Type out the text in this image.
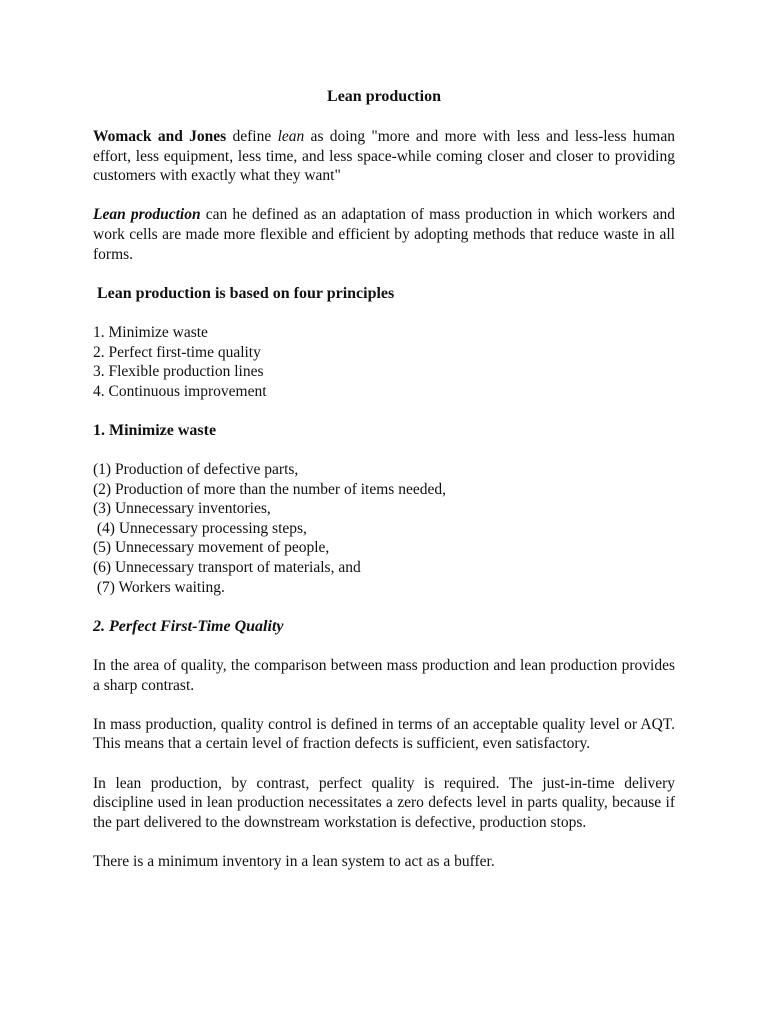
Lean production

Womack and Jones define lean as doing "more and more with less and less-less human effort, less equipment, less time, and less space-while coming closer and closer to providing customers with exactly what they want"

Lean production can he defined as an adaptation of mass production in which workers and work cells are made more flexible and efficient by adopting methods that reduce waste in all forms.

Lean production is based on four principles
1. Minimize waste
2. Perfect first-time quality
3. Flexible production lines
4. Continuous improvement
1. Minimize waste
(1) Production of defective parts,
(2) Production of more than the number of items needed,
(3) Unnecessary inventories,
(4) Unnecessary processing steps,
(5) Unnecessary movement of people,
(6) Unnecessary transport of materials, and
(7) Workers waiting.
2. Perfect First-Time Quality

In the area of quality, the comparison between mass production and lean production provides a sharp contrast.

In mass production, quality control is defined in terms of an acceptable quality level or AQT. This means that a certain level of fraction defects is sufficient, even satisfactory.

In lean production, by contrast, perfect quality is required. The just-in-time delivery discipline used in lean production necessitates a zero defects level in parts quality, because if the part delivered to the downstream workstation is defective, production stops.

There is a minimum inventory in a lean system to act as a buffer.
